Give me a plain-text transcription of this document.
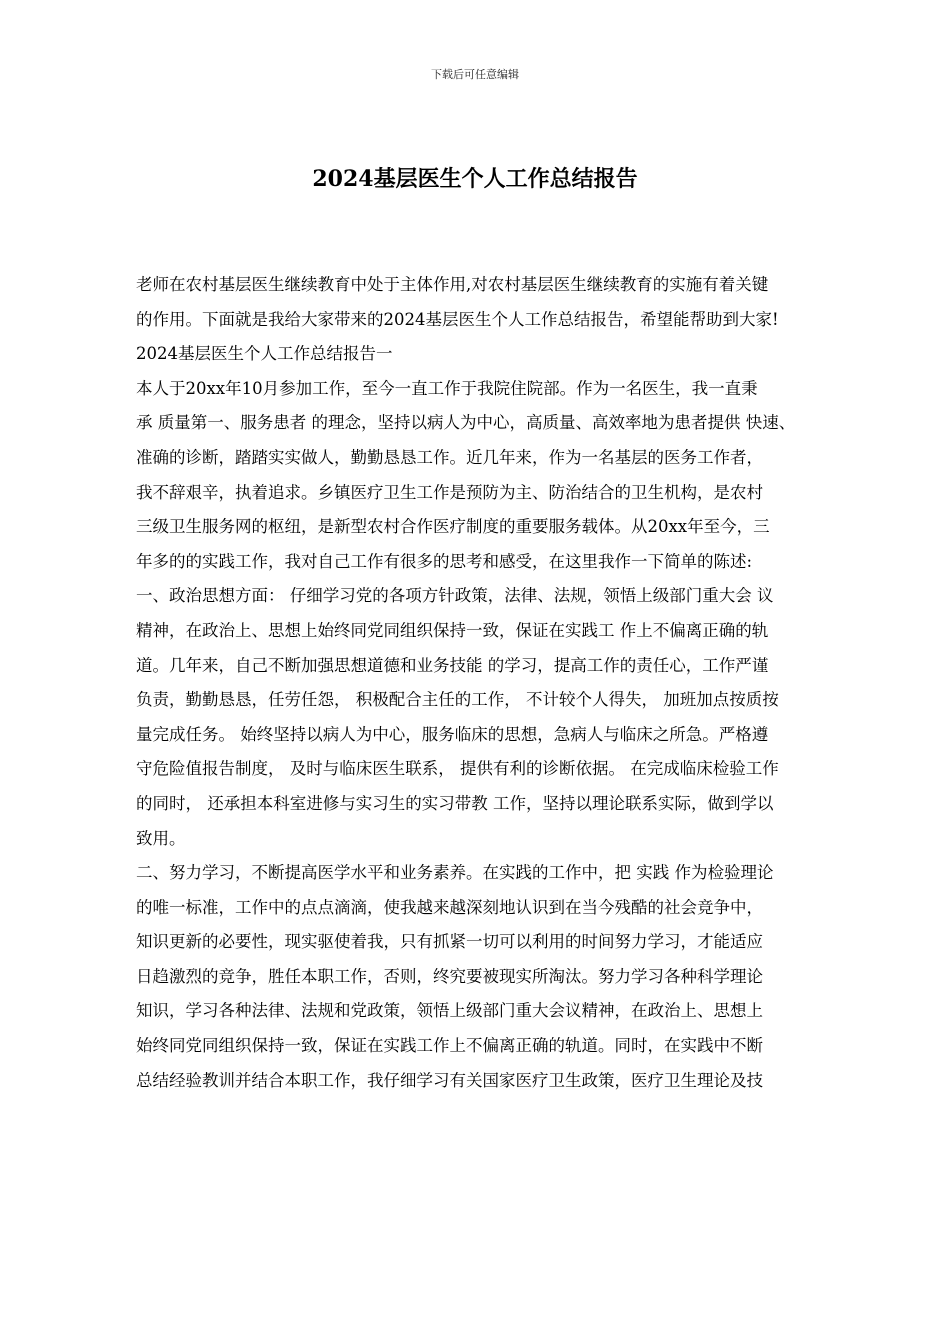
下载后可任意编辑
2024基层医生个人工作总结报告
老师在农村基层医生继续教育中处于主体作用,对农村基层医生继续教育的实施有着关键
的作用。下面就是我给大家带来的2024基层医生个人工作总结报告，希望能帮助到大家!
2024基层医生个人工作总结报告一
本人于20xx年10月参加工作，至今一直工作于我院住院部。作为一名医生，我一直秉
承 质量第一、服务患者 的理念，坚持以病人为中心，高质量、高效率地为患者提供 快速、
准确的诊断，踏踏实实做人，勤勤恳恳工作。近几年来，作为一名基层的医务工作者，
我不辞艰辛，执着追求。乡镇医疗卫生工作是预防为主、防治结合的卫生机构，是农村
三级卫生服务网的枢纽，是新型农村合作医疗制度的重要服务载体。从20xx年至今，三
年多的的实践工作，我对自己工作有很多的思考和感受，在这里我作一下简单的陈述:
一、政治思想方面： 仔细学习党的各项方针政策，法律、法规，领悟上级部门重大会 议
精神，在政治上、思想上始终同党同组织保持一致，保证在实践工 作上不偏离正确的轨
道。几年来，自己不断加强思想道德和业务技能 的学习，提高工作的责任心，工作严谨
负责，勤勤恳恳，任劳任怨， 积极配合主任的工作， 不计较个人得失， 加班加点按质按
量完成任务。 始终坚持以病人为中心，服务临床的思想，急病人与临床之所急。严格遵
守危险值报告制度， 及时与临床医生联系， 提供有利的诊断依据。 在完成临床检验工作
的同时， 还承担本科室进修与实习生的实习带教 工作，坚持以理论联系实际，做到学以
致用。
二、努力学习，不断提高医学水平和业务素养。在实践的工作中，把 实践 作为检验理论
的唯一标准，工作中的点点滴滴，使我越来越深刻地认识到在当今残酷的社会竞争中，
知识更新的必要性，现实驱使着我，只有抓紧一切可以利用的时间努力学习，才能适应
日趋激烈的竞争，胜任本职工作，否则，终究要被现实所淘汰。努力学习各种科学理论
知识，学习各种法律、法规和党政策，领悟上级部门重大会议精神，在政治上、思想上
始终同党同组织保持一致，保证在实践工作上不偏离正确的轨道。同时，在实践中不断
总结经验教训并结合本职工作，我仔细学习有关国家医疗卫生政策，医疗卫生理论及技
